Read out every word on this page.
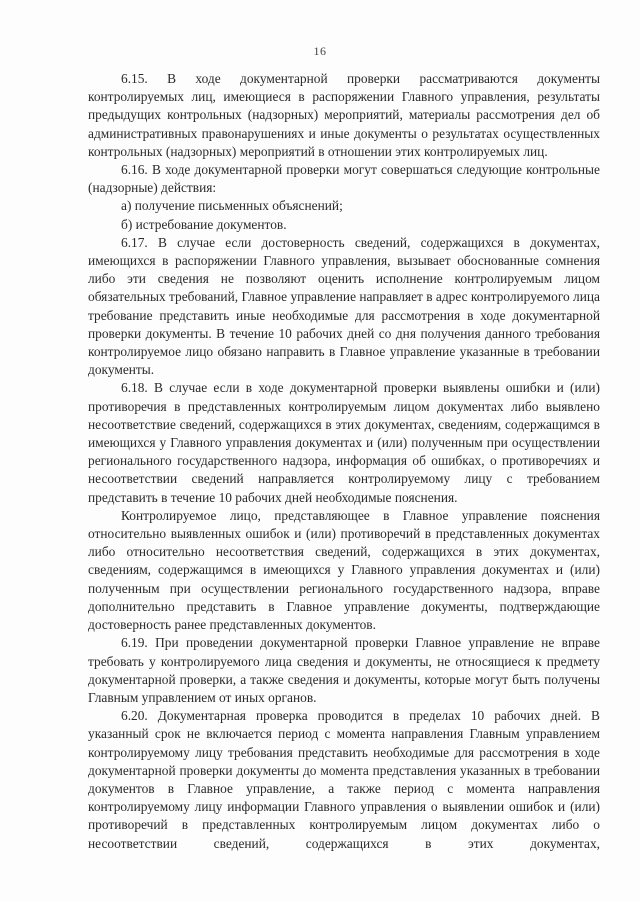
16

6.15. В ходе документарной проверки рассматриваются документы контролируемых лиц, имеющиеся в распоряжении Главного управления, результаты предыдущих контрольных (надзорных) мероприятий, материалы рассмотрения дел об административных правонарушениях и иные документы о результатах осуществленных контрольных (надзорных) мероприятий в отношении этих контролируемых лиц.

6.16. В ходе документарной проверки могут совершаться следующие контрольные (надзорные) действия:

а) получение письменных объяснений;

б) истребование документов.

6.17. В случае если достоверность сведений, содержащихся в документах, имеющихся в распоряжении Главного управления, вызывает обоснованные сомнения либо эти сведения не позволяют оценить исполнение контролируемым лицом обязательных требований, Главное управление направляет в адрес контролируемого лица требование представить иные необходимые для рассмотрения в ходе документарной проверки документы. В течение 10 рабочих дней со дня получения данного требования контролируемое лицо обязано направить в Главное управление указанные в требовании документы.

6.18. В случае если в ходе документарной проверки выявлены ошибки и (или) противоречия в представленных контролируемым лицом документах либо выявлено несоответствие сведений, содержащихся в этих документах, сведениям, содержащимся в имеющихся у Главного управления документах и (или) полученным при осуществлении регионального государственного надзора, информация об ошибках, о противоречиях и несоответствии сведений направляется контролируемому лицу с требованием представить в течение 10 рабочих дней необходимые пояснения.

Контролируемое лицо, представляющее в Главное управление пояснения относительно выявленных ошибок и (или) противоречий в представленных документах либо относительно несоответствия сведений, содержащихся в этих документах, сведениям, содержащимся в имеющихся у Главного управления документах и (или) полученным при осуществлении регионального государственного надзора, вправе дополнительно представить в Главное управление документы, подтверждающие достоверность ранее представленных документов.

6.19. При проведении документарной проверки Главное управление не вправе требовать у контролируемого лица сведения и документы, не относящиеся к предмету документарной проверки, а также сведения и документы, которые могут быть получены Главным управлением от иных органов.

6.20. Документарная проверка проводится в пределах 10 рабочих дней. В указанный срок не включается период с момента направления Главным управлением контролируемому лицу требования представить необходимые для рассмотрения в ходе документарной проверки документы до момента представления указанных в требовании документов в Главное управление, а также период с момента направления контролируемому лицу информации Главного управления о выявлении ошибок и (или) противоречий в представленных контролируемым лицом документах либо о несоответствии сведений, содержащихся в этих документах,
